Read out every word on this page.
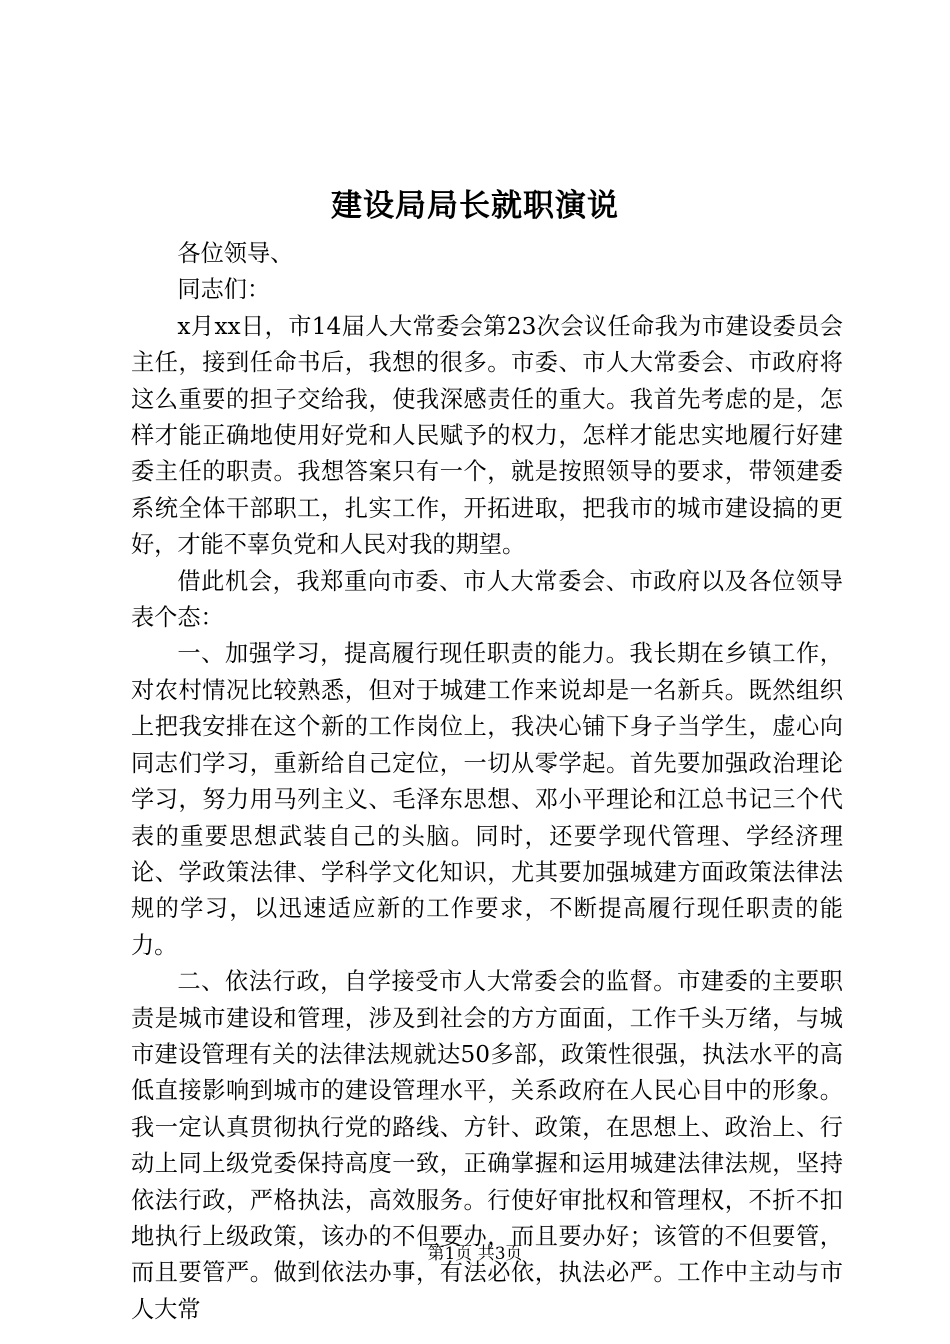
建设局局长就职演说

各位领导、

同志们：

x月xx日，市14届人大常委会第23次会议任命我为市建设委员会主任，接到任命书后，我想的很多。市委、市人大常委会、市政府将这么重要的担子交给我，使我深感责任的重大。我首先考虑的是，怎样才能正确地使用好党和人民赋予的权力，怎样才能忠实地履行好建委主任的职责。我想答案只有一个，就是按照领导的要求，带领建委系统全体干部职工，扎实工作，开拓进取，把我市的城市建设搞的更好，才能不辜负党和人民对我的期望。

借此机会，我郑重向市委、市人大常委会、市政府以及各位领导表个态：

一、加强学习，提高履行现任职责的能力。我长期在乡镇工作，对农村情况比较熟悉，但对于城建工作来说却是一名新兵。既然组织上把我安排在这个新的工作岗位上，我决心铺下身子当学生，虚心向同志们学习，重新给自己定位，一切从零学起。首先要加强政治理论学习，努力用马列主义、毛泽东思想、邓小平理论和江总书记三个代表的重要思想武装自己的头脑。同时，还要学现代管理、学经济理论、学政策法律、学科学文化知识，尤其要加强城建方面政策法律法规的学习，以迅速适应新的工作要求，不断提高履行现任职责的能力。

二、依法行政，自学接受市人大常委会的监督。市建委的主要职责是城市建设和管理，涉及到社会的方方面面，工作千头万绪，与城市建设管理有关的法律法规就达50多部，政策性很强，执法水平的高低直接影响到城市的建设管理水平，关系政府在人民心目中的形象。我一定认真贯彻执行党的路线、方针、政策，在思想上、政治上、行动上同上级党委保持高度一致，正确掌握和运用城建法律法规，坚持依法行政，严格执法，高效服务。行使好审批权和管理权，不折不扣地执行上级政策，该办的不但要办，而且要办好；该管的不但要管，而且要管严。做到依法办事，有法必依，执法必严。工作中主动与市人大常

第1页 共3页
